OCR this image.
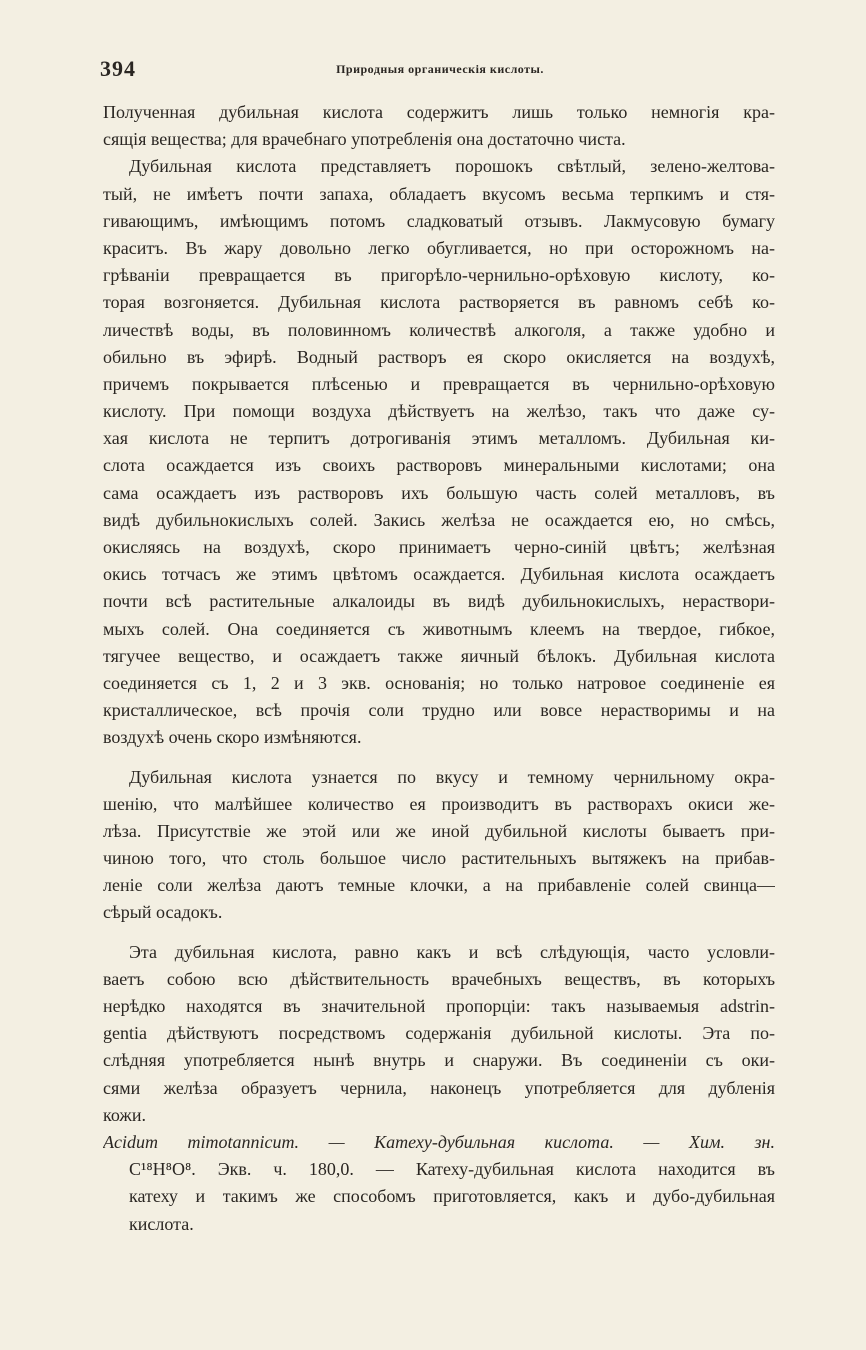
394	Природныя органическія кислоты.
Полученная дубильная кислота содержитъ лишь только немногія кра-
сящія вещества; для врачебнаго употребленія она достаточно чиста.
Дубильная кислота представляетъ порошокъ свѣтлый, зелено-желтова-
тый, не имѣетъ почти запаха, обладаетъ вкусомъ весьма терпкимъ и стя-
гивающимъ, имѣющимъ потомъ сладковатый отзывъ. Лакмусовую бумагу
краситъ. Въ жару довольно легко обугливается, но при осторожномъ на-
грѣваніи превращается въ пригорѣло-чернильно-орѣховую кислоту, ко-
торая возгоняется. Дубильная кислота растворяется въ равномъ себѣ ко-
личествѣ воды, въ половинномъ количествѣ алкоголя, а также удобно и
обильно въ эфирѣ. Водный растворъ ея скоро окисляется на воздухѣ,
причемъ покрывается плѣсенью и превращается въ чернильно-орѣховую
кислоту. При помощи воздуха дѣйствуетъ на желѣзо, такъ что даже су-
хая кислота не терпитъ дотрогиванія этимъ металломъ. Дубильная ки-
слота осаждается изъ своихъ растворовъ минеральными кислотами; она
сама осаждаетъ изъ растворовъ ихъ большую часть солей металловъ, въ
видѣ дубильнокислыхъ солей. Закись желѣза не осаждается ею, но смѣсь,
окисляясь на воздухѣ, скоро принимаетъ черно-синій цвѣтъ; желѣзная
окись тотчасъ же этимъ цвѣтомъ осаждается. Дубильная кислота осаждаетъ
почти всѣ растительные алкалоиды въ видѣ дубильнокислыхъ, нераствори-
мыхъ солей. Она соединяется съ животнымъ клеемъ на твердое, гибкое,
тягучее вещество, и осаждаетъ также яичный бѣлокъ. Дубильная кислота
соединяется съ 1, 2 и 3 экв. основанія; но только натровое соединеніе ея
кристаллическое, всѣ прочія соли трудно или вовсе нерастворимы и на
воздухѣ очень скоро измѣняются.
Дубильная кислота узнается по вкусу и темному чернильному окра-
шенію, что малѣйшее количество ея производитъ въ растворахъ окиси же-
лѣза. Присутствіе же этой или же иной дубильной кислоты бываетъ при-
чиною того, что столь большое число растительныхъ вытяжекъ на прибав-
леніе соли желѣза даютъ темные клочки, а на прибавленіе солей свинца—
сѣрый осадокъ.
Эта дубильная кислота, равно какъ и всѣ слѣдующія, часто условли-
ваетъ собою всю дѣйствительность врачебныхъ веществъ, въ которыхъ
нерѣдко находятся въ значительной пропорціи: такъ называемыя adstrin-
gentia дѣйствуютъ посредствомъ содержанія дубильной кислоты. Эта по-
слѣдняя употребляется нынѣ внутрь и снаружи. Въ соединеніи съ оки-
сями желѣза образуетъ чернила, наконецъ употребляется для дубленія
кожи.
Acidum mimotannicum. — Катеху-дубильная кислота. — Хим. зн.
C¹⁸H⁸O⁸. Экв. ч. 180,0. — Катеху-дубильная кислота находится въ
катеху и такимъ же способомъ приготовляется, какъ и дубо-дубильная
кислота.
